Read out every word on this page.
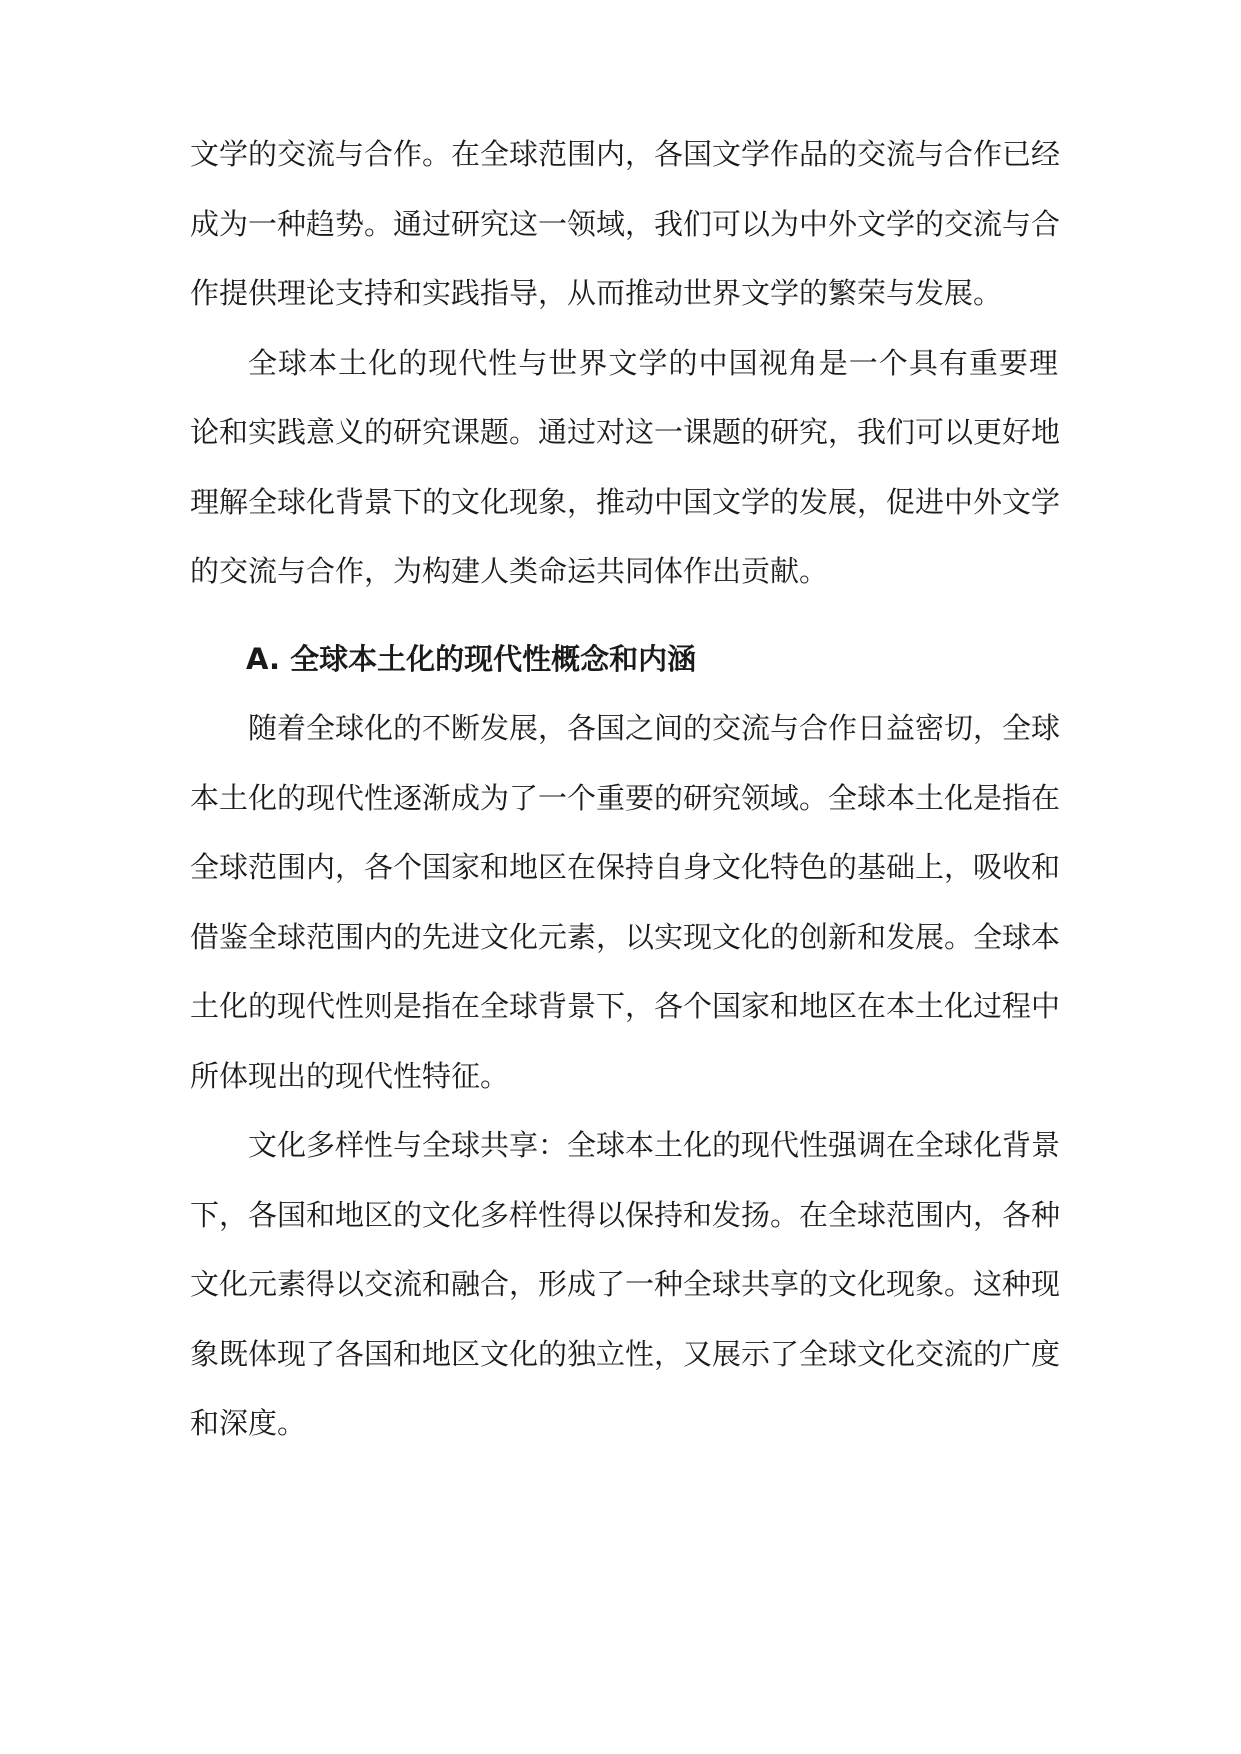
文学的交流与合作。在全球范围内，各国文学作品的交流与合作已经
成为一种趋势。通过研究这一领域，我们可以为中外文学的交流与合
作提供理论支持和实践指导，从而推动世界文学的繁荣与发展。
全球本土化的现代性与世界文学的中国视角是一个具有重要理
论和实践意义的研究课题。通过对这一课题的研究，我们可以更好地
理解全球化背景下的文化现象，推动中国文学的发展，促进中外文学
的交流与合作，为构建人类命运共同体作出贡献。
A. 全球本土化的现代性概念和内涵
随着全球化的不断发展，各国之间的交流与合作日益密切，全球
本土化的现代性逐渐成为了一个重要的研究领域。全球本土化是指在
全球范围内，各个国家和地区在保持自身文化特色的基础上，吸收和
借鉴全球范围内的先进文化元素，以实现文化的创新和发展。全球本
土化的现代性则是指在全球背景下，各个国家和地区在本土化过程中
所体现出的现代性特征。
文化多样性与全球共享：全球本土化的现代性强调在全球化背景
下，各国和地区的文化多样性得以保持和发扬。在全球范围内，各种
文化元素得以交流和融合，形成了一种全球共享的文化现象。这种现
象既体现了各国和地区文化的独立性，又展示了全球文化交流的广度
和深度。
